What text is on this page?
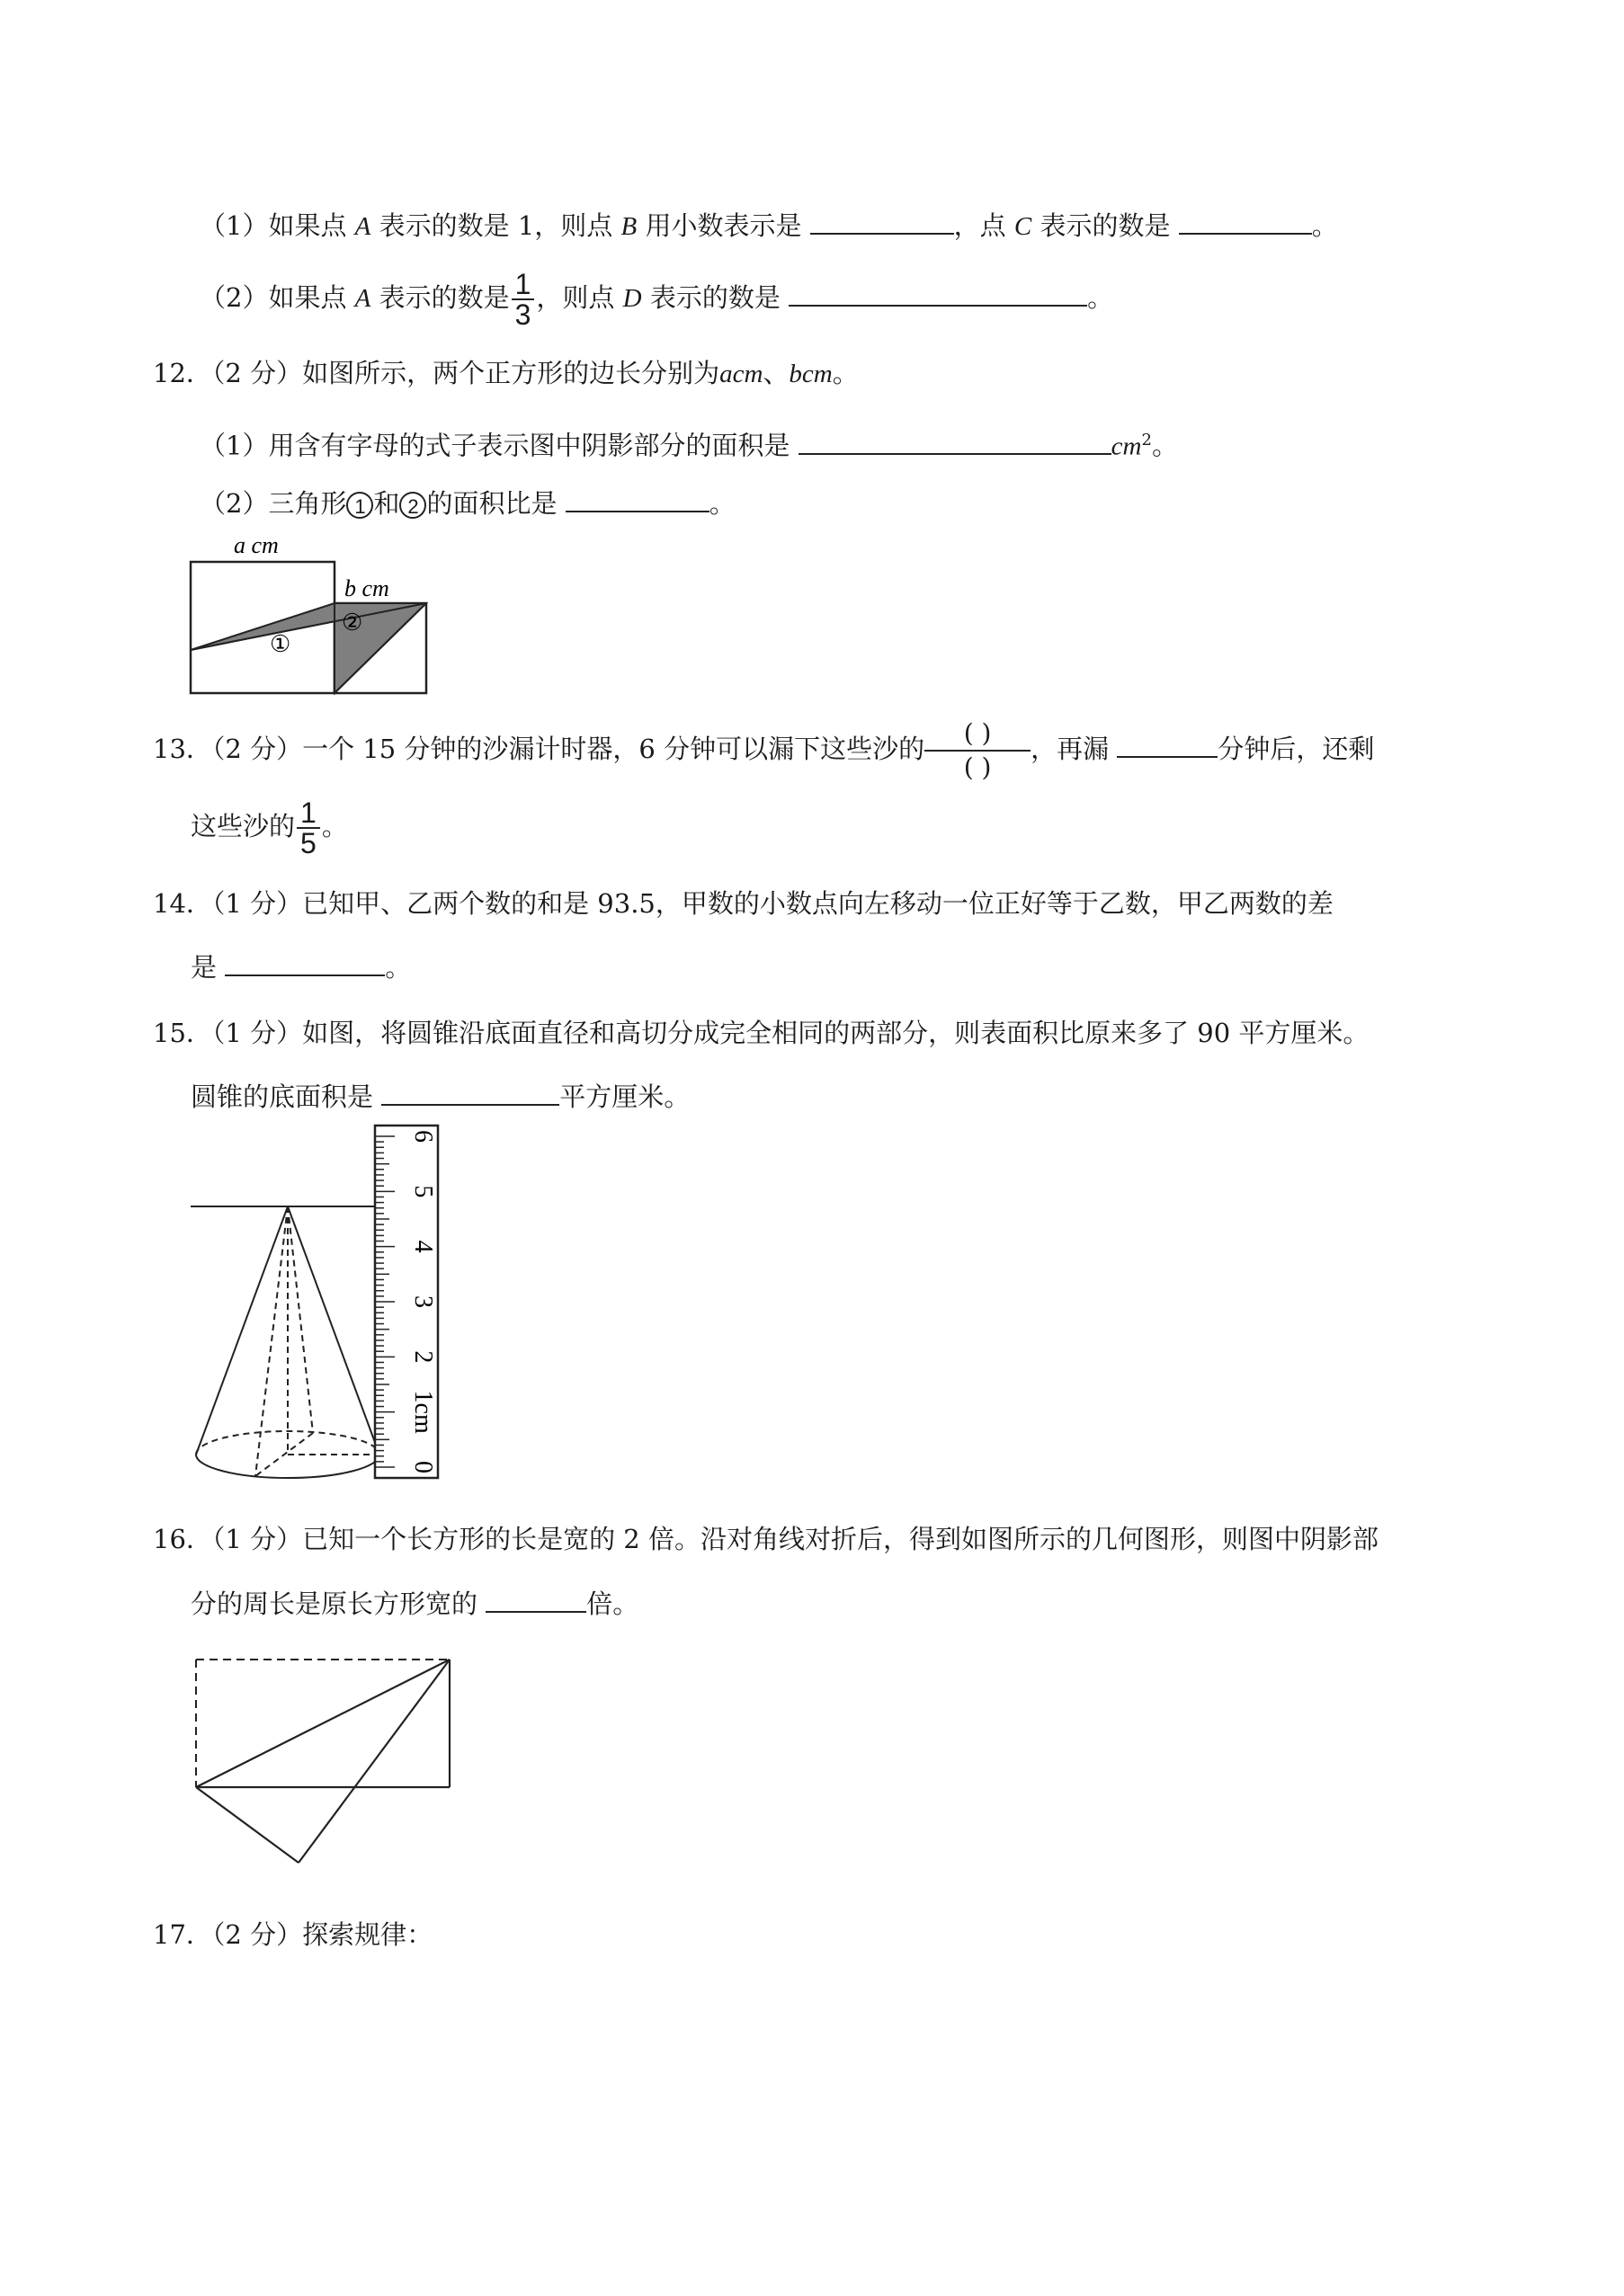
（1）如果点 A 表示的数是 1，则点 B 用小数表示是	，点 C 表示的数是	。
（2）如果点 A 表示的数是 $\frac{1}{3}$ ，则点 D 表示的数是	。
12．（2 分）如图所示，两个正方形的边长分别为acm、bcm。
（1）用含有字母的式子表示图中阴影部分的面积是	$cm^2$。
（2）三角形 1 和 2 的面积比是	。
a cm
b cm
①
②
13．（2 分）一个 15 分钟的沙漏计时器，6 分钟可以漏下这些沙的 $\frac{( )}{( )}$ ，再漏	分钟后，还剩
这些沙的 $\frac{1}{5}$ 。
14．（1 分）已知甲、乙两个数的和是 93.5，甲数的小数点向左移动一位正好等于乙数，甲乙两数的差
是	。
15．（1 分）如图，将圆锥沿底面直径和高切分成完全相同的两部分，则表面积比原来多了 90 平方厘米。
圆锥的底面积是	平方厘米。
0
1cm
2
3
4
5
6
16．（1 分）已知一个长方形的长是宽的 2 倍。沿对角线对折后，得到如图所示的几何图形，则图中阴影部
分的周长是原长方形宽的	倍。
17．（2 分）探索规律：
